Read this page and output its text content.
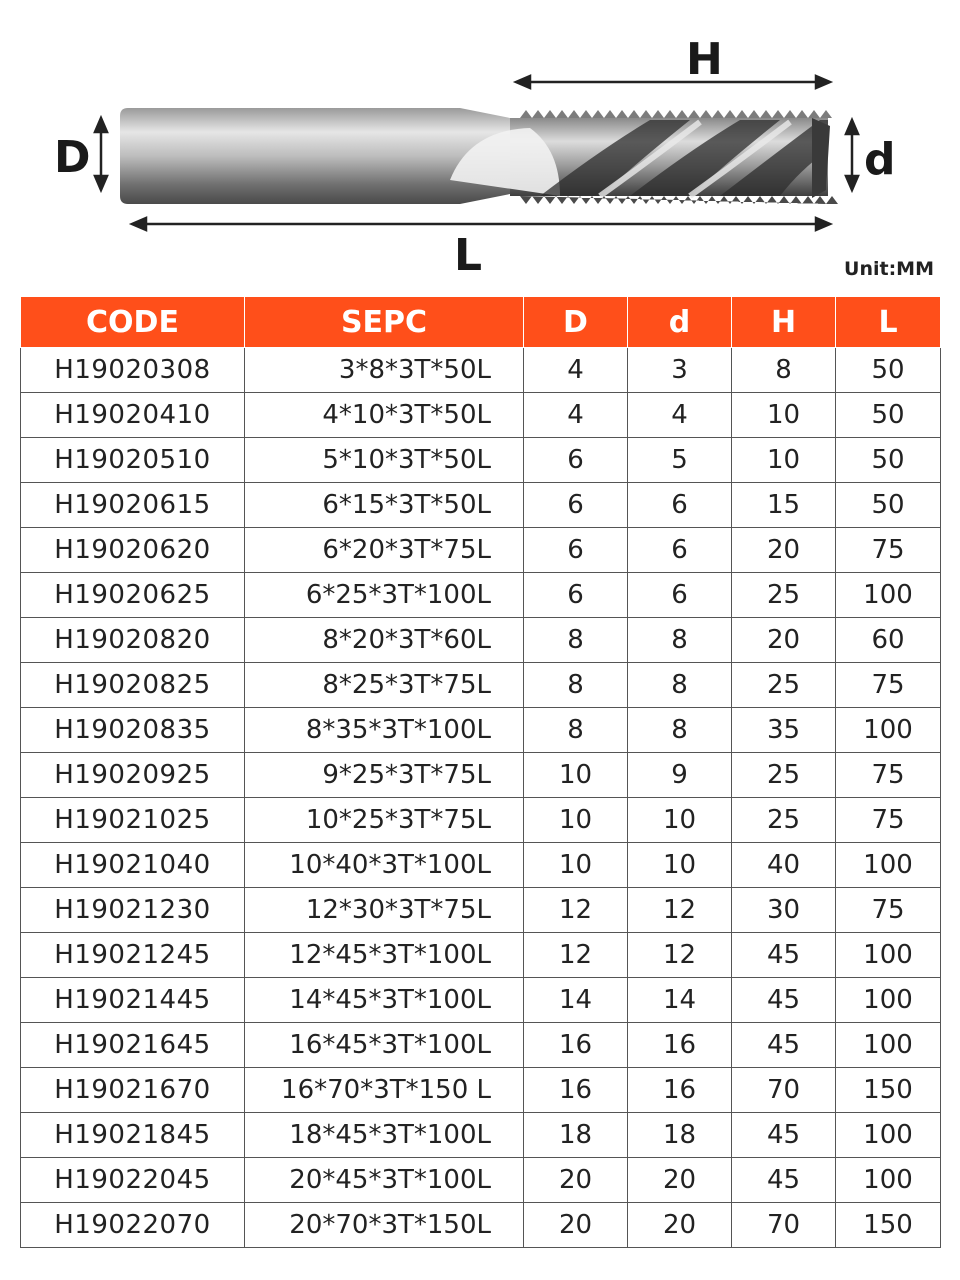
H
D	d
L	Unit:MM
CODE	SEPC	D	d	H	L
H19020308	3*8*3T*50L	4	3	8	50
H19020410	4*10*3T*50L	4	4	10	50
H19020510	5*10*3T*50L	6	5	10	50
H19020615	6*15*3T*50L	6	6	15	50
H19020620	6*20*3T*75L	6	6	20	75
H19020625	6*25*3T*100L	6	6	25	100
H19020820	8*20*3T*60L	8	8	20	60
H19020825	8*25*3T*75L	8	8	25	75
H19020835	8*35*3T*100L	8	8	35	100
H19020925	9*25*3T*75L	10	9	25	75
H19021025	10*25*3T*75L	10	10	25	75
H19021040	10*40*3T*100L	10	10	40	100
H19021230	12*30*3T*75L	12	12	30	75
H19021245	12*45*3T*100L	12	12	45	100
H19021445	14*45*3T*100L	14	14	45	100
H19021645	16*45*3T*100L	16	16	45	100
H19021670	16*70*3T*150 L	16	16	70	150
H19021845	18*45*3T*100L	18	18	45	100
H19022045	20*45*3T*100L	20	20	45	100
H19022070	20*70*3T*150L	20	20	70	150
